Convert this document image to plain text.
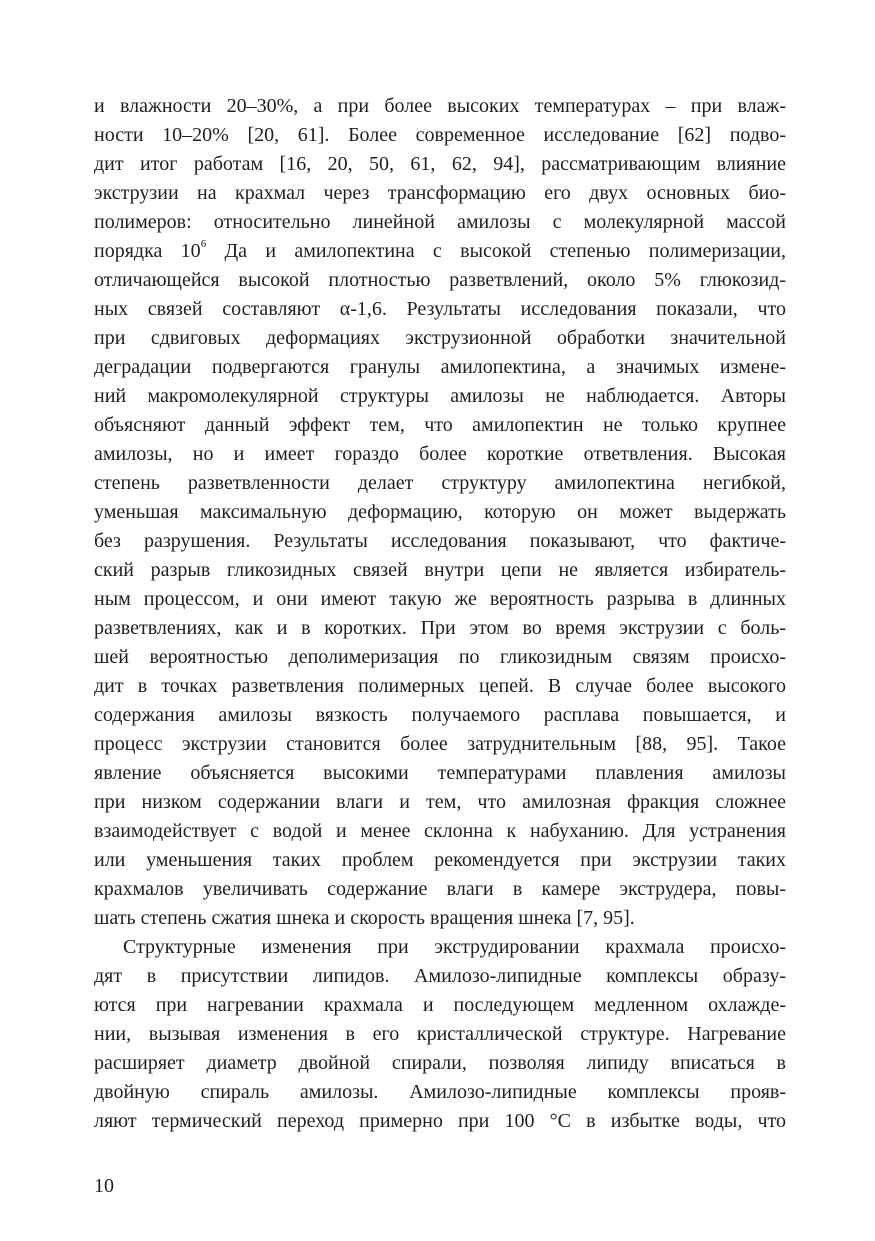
и влажности 20–30%, а при более высоких температурах – при влаж-
ности 10–20% [20, 61]. Более современное исследование [62] подво-
дит итог работам [16, 20, 50, 61, 62, 94], рассматривающим влияние
экструзии на крахмал через трансформацию его двух основных био-
полимеров: относительно линейной амилозы с молекулярной массой
порядка $10^6$ Да и амилопектина с высокой степенью полимеризации,
отличающейся высокой плотностью разветвлений, около 5% глюкозид-
ных связей составляют α-1,6. Результаты исследования показали, что
при сдвиговых деформациях экструзионной обработки значительной
деградации подвергаются гранулы амилопектина, а значимых измене-
ний макромолекулярной структуры амилозы не наблюдается. Авторы
объясняют данный эффект тем, что амилопектин не только крупнее
амилозы, но и имеет гораздо более короткие ответвления. Высокая
степень разветвленности делает структуру амилопектина негибкой,
уменьшая максимальную деформацию, которую он может выдержать
без разрушения. Результаты исследования показывают, что фактиче-
ский разрыв гликозидных связей внутри цепи не является избиратель-
ным процессом, и они имеют такую же вероятность разрыва в длинных
разветвлениях, как и в коротких. При этом во время экструзии с боль-
шей вероятностью деполимеризация по гликозидным связям происхо-
дит в точках разветвления полимерных цепей. В случае более высокого
содержания амилозы вязкость получаемого расплава повышается, и
процесс экструзии становится более затруднительным [88, 95]. Такое
явление объясняется высокими температурами плавления амилозы
при низком содержании влаги и тем, что амилозная фракция сложнее
взаимодействует с водой и менее склонна к набуханию. Для устранения
или уменьшения таких проблем рекомендуется при экструзии таких
крахмалов увеличивать содержание влаги в камере экструдера, повы-
шать степень сжатия шнека и скорость вращения шнека [7, 95].
Структурные изменения при экструдировании крахмала происхо-
дят в присутствии липидов. Амилозо-липидные комплексы образу-
ются при нагревании крахмала и последующем медленном охлажде-
нии, вызывая изменения в его кристаллической структуре. Нагревание
расширяет диаметр двойной спирали, позволяя липиду вписаться в
двойную спираль амилозы. Амилозо-липидные комплексы прояв-
ляют термический переход примерно при 100 °С в избытке воды, что
10
